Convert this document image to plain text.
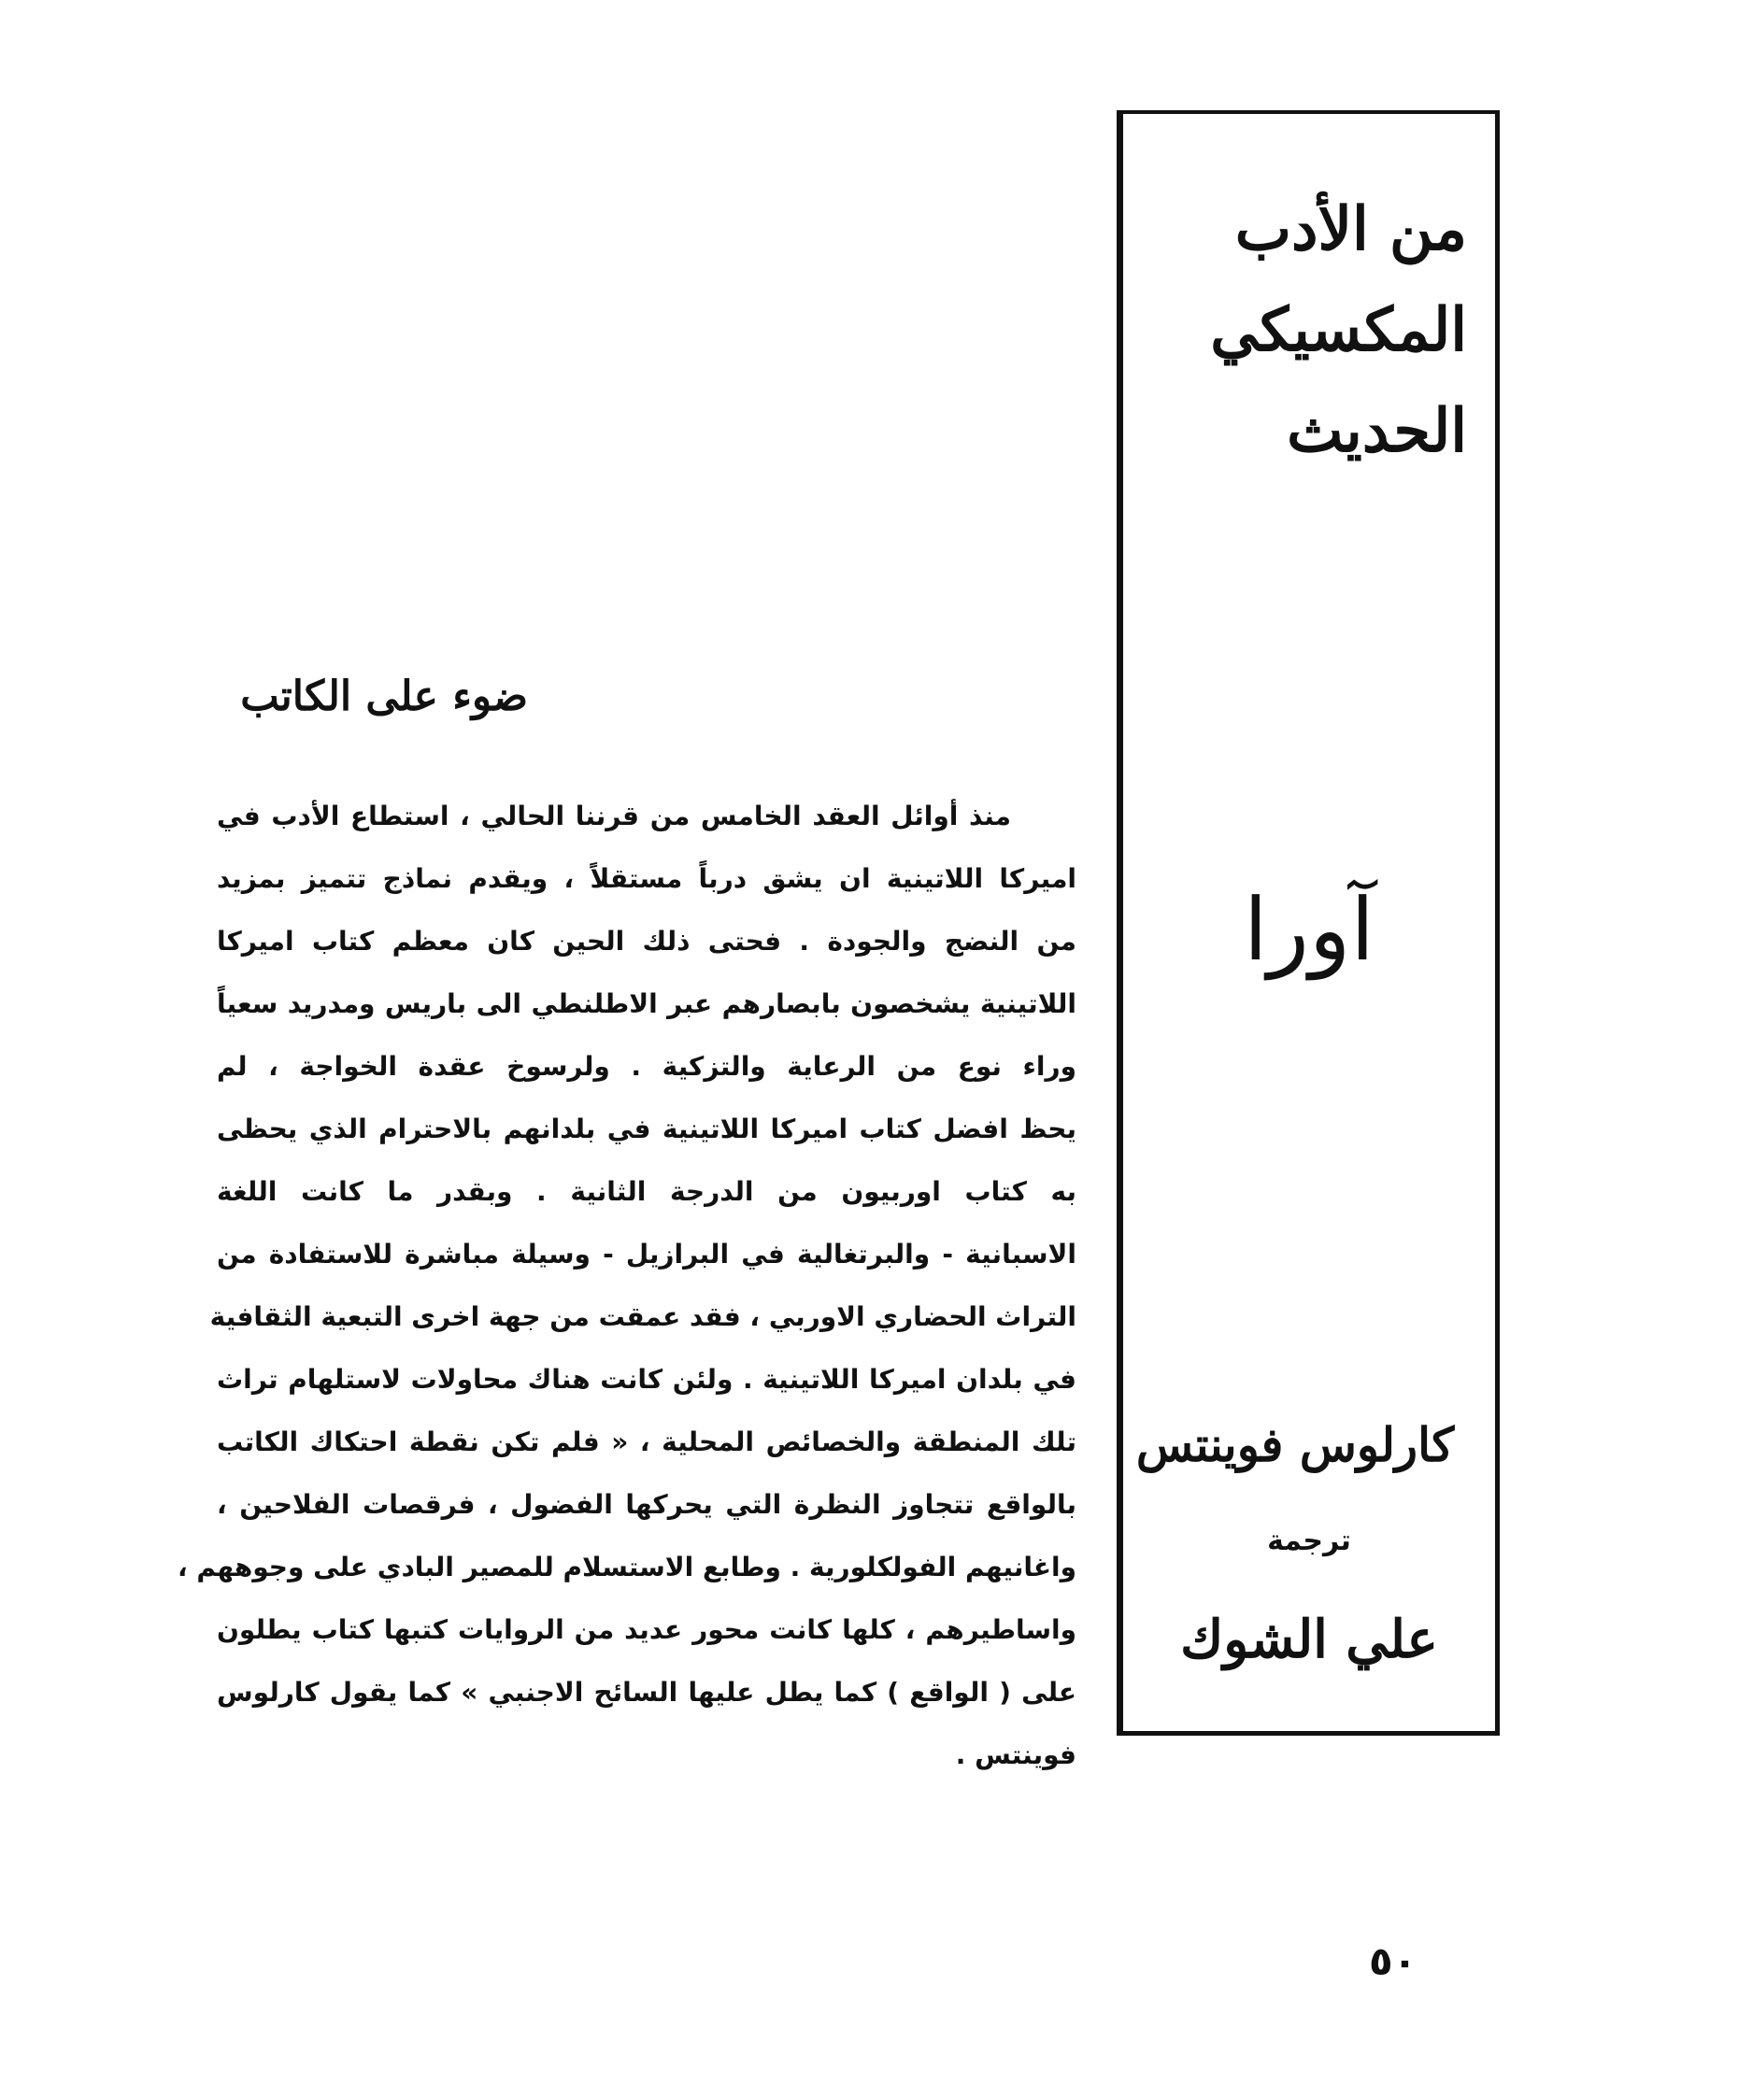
من الأدب
المكسيكي
الحديث
آورا
كارلوس فوينتس
ترجمة
علي الشوك
ضوء على الكاتب
منذ أوائل العقد الخامس من قرننا الحالي ، استطاع الأدب في
اميركا اللاتينية ان يشق درباً مستقلاً ، ويقدم نماذج تتميز بمزيد
من النضج والجودة . فحتى ذلك الحين كان معظم كتاب اميركا
اللاتينية يشخصون بابصارهم عبر الاطلنطي الى باريس ومدريد سعياً
وراء نوع من الرعاية والتزكية . ولرسوخ عقدة الخواجة ، لم
يحظ افضل كتاب اميركا اللاتينية في بلدانهم بالاحترام الذي يحظى
به كتاب اوربيون من الدرجة الثانية . وبقدر ما كانت اللغة
الاسبانية - والبرتغالية في البرازيل - وسيلة مباشرة للاستفادة من
التراث الحضاري الاوربي ، فقد عمقت من جهة اخرى التبعية الثقافية
في بلدان اميركا اللاتينية . ولئن كانت هناك محاولات لاستلهام تراث
تلك المنطقة والخصائص المحلية ، « فلم تكن نقطة احتكاك الكاتب
بالواقع تتجاوز النظرة التي يحركها الفضول ، فرقصات الفلاحين ،
واغانيهم الفولكلورية . وطابع الاستسلام للمصير البادي على وجوههم ،
واساطيرهم ، كلها كانت محور عديد من الروايات كتبها كتاب يطلون
على ( الواقع ) كما يطل عليها السائح الاجنبي » كما يقول كارلوس
فوينتس .
٥٠
